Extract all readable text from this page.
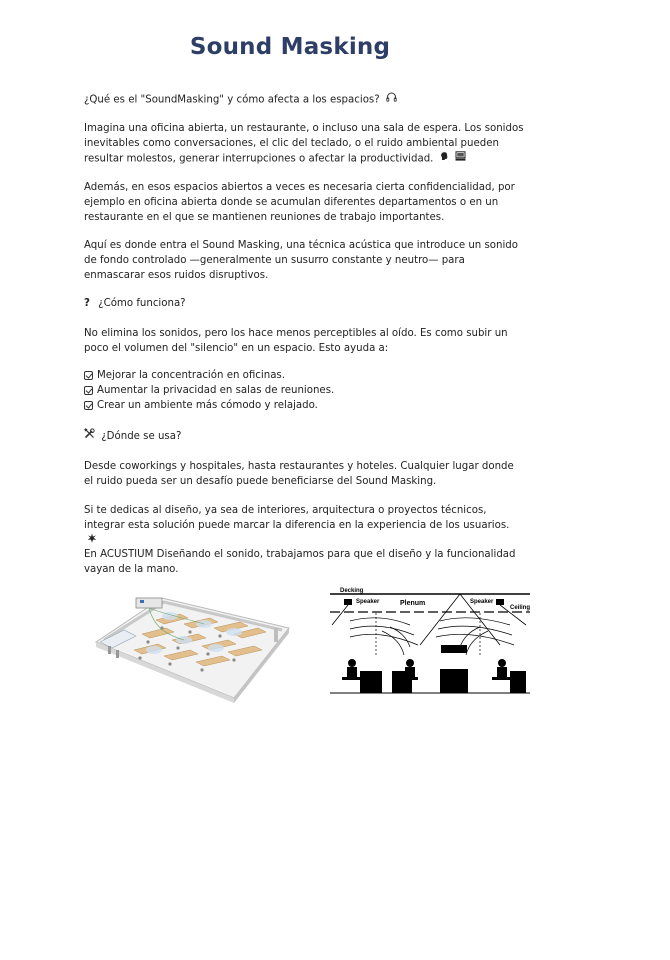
Sound Masking
¿Qué es el "SoundMasking" y cómo afecta a los espacios?
Imagina una oficina abierta, un restaurante, o incluso una sala de espera. Los sonidos inevitables como conversaciones, el clic del teclado, o el ruido ambiental pueden resultar molestos, generar interrupciones o afectar la productividad.
Además, en esos espacios abiertos a veces es necesaria cierta confidencialidad, por ejemplo en oficina abierta donde se acumulan diferentes departamentos o en un restaurante en el que se mantienen reuniones de trabajo importantes.
Aquí es donde entra el Sound Masking, una técnica acústica que introduce un sonido de fondo controlado —generalmente un susurro constante y neutro— para enmascarar esos ruidos disruptivos.
? ¿Cómo funciona?
No elimina los sonidos, pero los hace menos perceptibles al oído. Es como subir un poco el volumen del "silencio" en un espacio. Esto ayuda a:
Mejorar la concentración en oficinas.
Aumentar la privacidad en salas de reuniones.
Crear un ambiente más cómodo y relajado.
¿Dónde se usa?
Desde coworkings y hospitales, hasta restaurantes y hoteles. Cualquier lugar donde el ruido pueda ser un desafío puede beneficiarse del Sound Masking.
Si te dedicas al diseño, ya sea de interiores, arquitectura o proyectos técnicos, integrar esta solución puede marcar la diferencia en la experiencia de los usuarios.
En ACUSTIUM Diseñando el sonido, trabajamos para que el diseño y la funcionalidad vayan de la mano.
Decking
Plenum
Speaker	Speaker
Ceiling
